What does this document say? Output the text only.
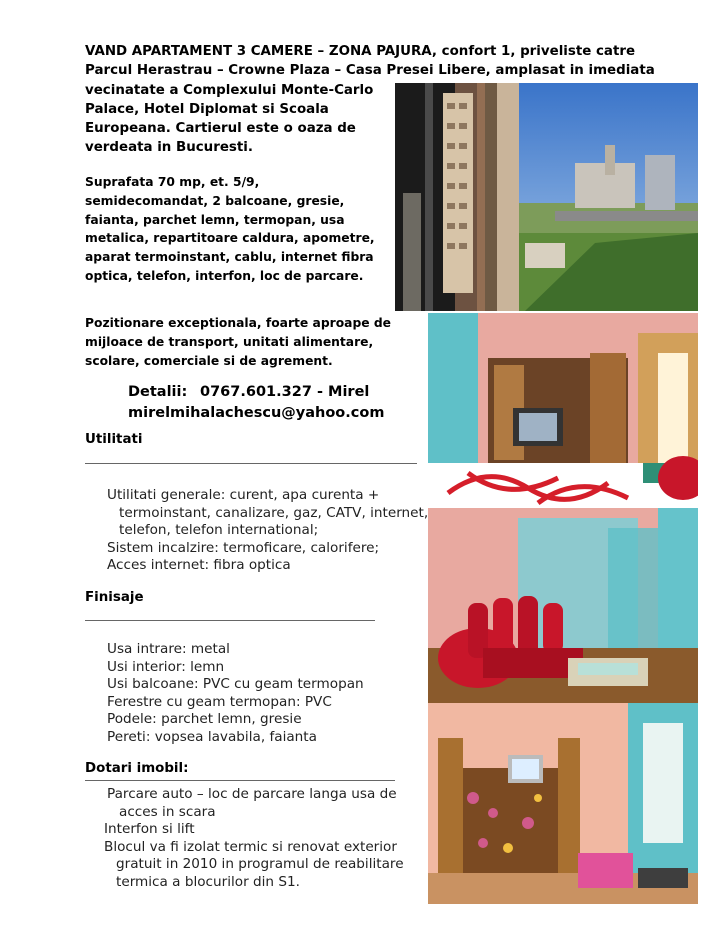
VAND APARTAMENT 3 CAMERE – ZONA PAJURA, confort 1, priveliste catre
Parcul Herastrau – Crowne Plaza – Casa Presei Libere, amplasat in imediata
vecinatate a Complexului Monte-Carlo Palace, Hotel Diplomat si Scoala Europeana. Cartierul este o oaza de verdeata in Bucuresti.
Suprafata 70 mp, et. 5/9, semidecomandat, 2 balcoane, gresie, faianta, parchet lemn, termopan, usa metalica, repartitoare caldura, apometre, aparat termoinstant, cablu, internet fibra optica, telefon, interfon, loc de parcare.
Pozitionare exceptionala, foarte aproape de mijloace de transport, unitati alimentare, scolare, comerciale si de agrement.
Detalii: 0767.601.327 - Mirel
mirelmihalachescu@yahoo.com
Utilitati
Utilitati generale: curent, apa curenta + termoinstant, canalizare, gaz, CATV, internet, telefon, telefon international;
Sistem incalzire: termoficare, calorifere;
Acces internet: fibra optica
Finisaje
Usa intrare: metal
Usi interior: lemn
Usi balcoane: PVC cu geam termopan
Ferestre cu geam termopan: PVC
Podele: parchet lemn, gresie
Pereti: vopsea lavabila, faianta
Dotari imobil:
Parcare auto – loc de parcare langa usa de acces in scara
Interfon si lift
Blocul va fi izolat termic si renovat exterior gratuit in 2010 in programul de reabilitare termica a blocurilor din S1.
